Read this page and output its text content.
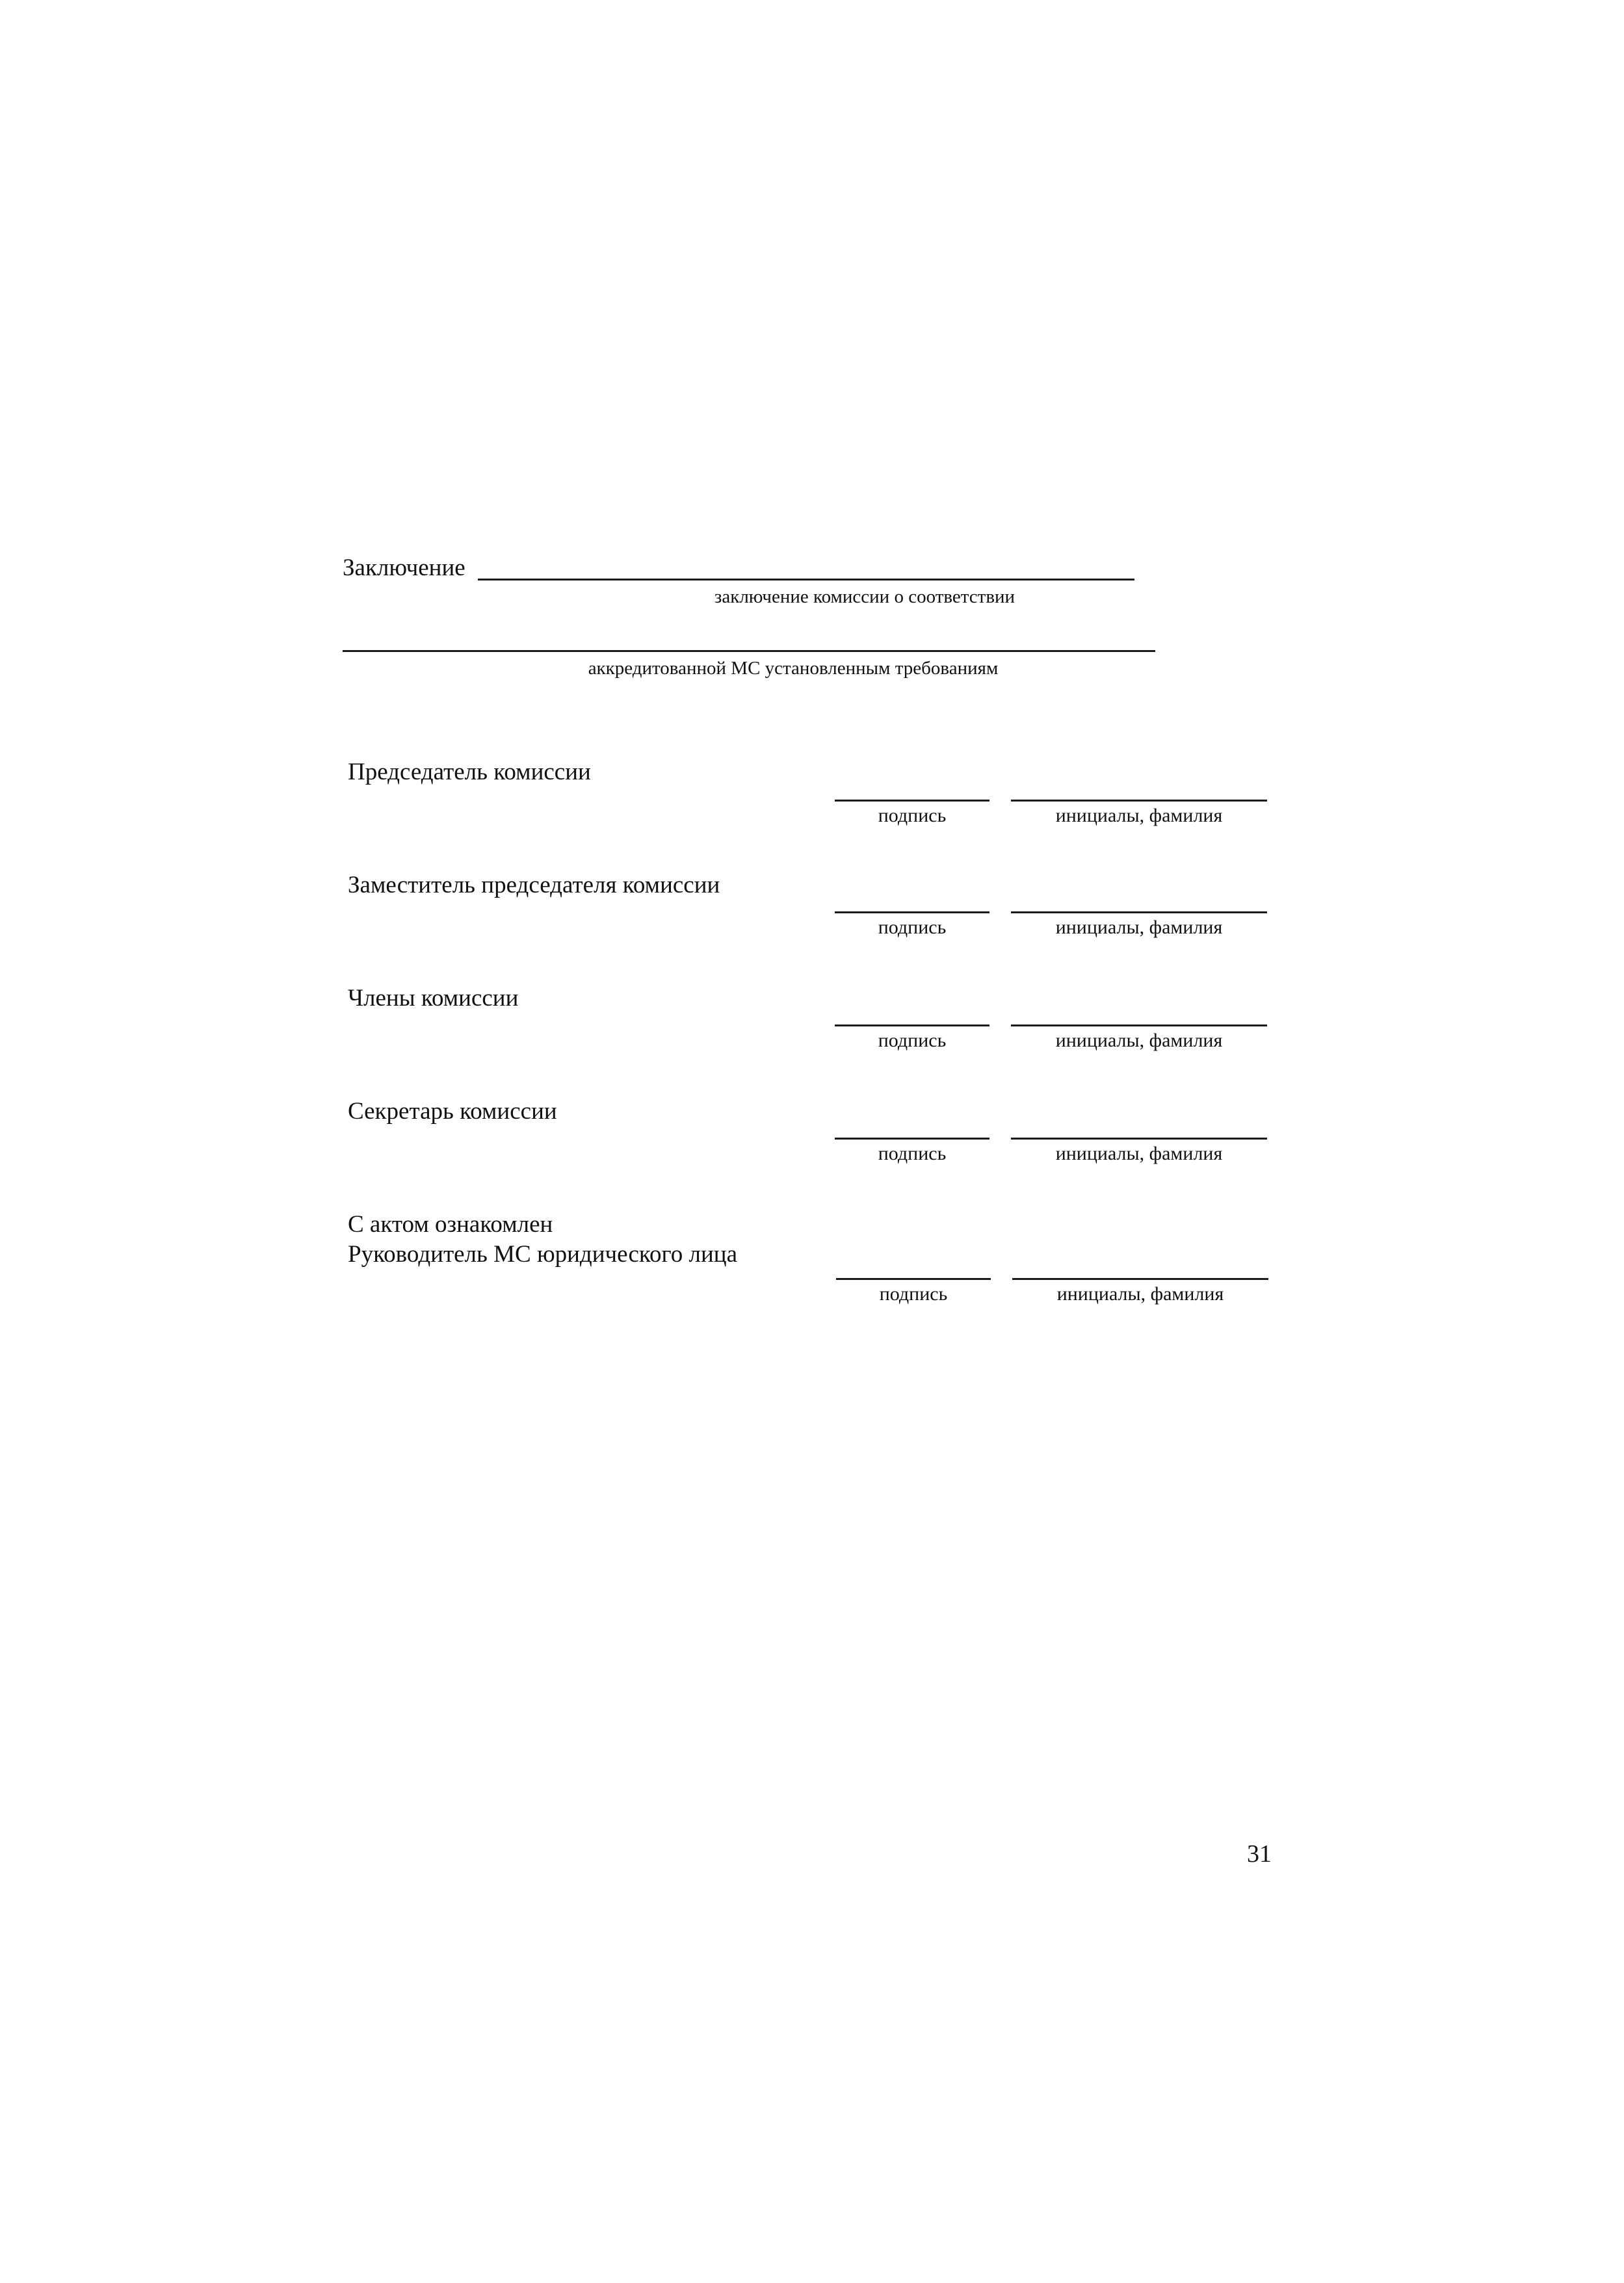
Заключение
заключение комиссии о соответствии
аккредитованной МС установленным требованиям
Председатель комиссии
подпись	инициалы, фамилия
Заместитель председателя комиссии
подпись	инициалы, фамилия
Члены комиссии
подпись	инициалы, фамилия
Секретарь комиссии
подпись	инициалы, фамилия
С актом ознакомлен
Руководитель МС юридического лица
подпись	инициалы, фамилия
31
